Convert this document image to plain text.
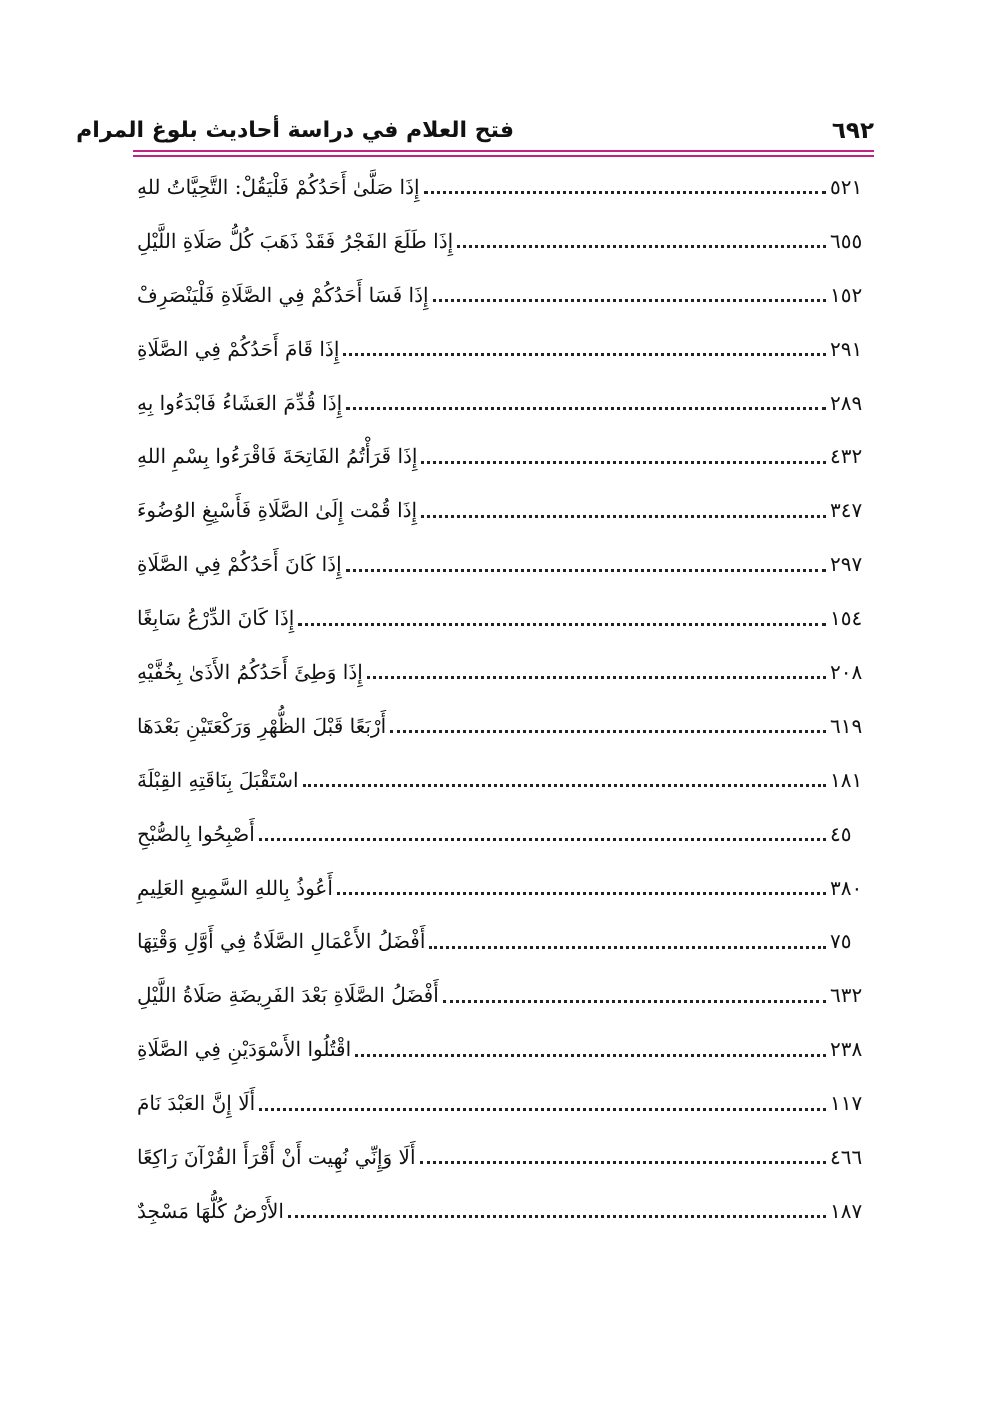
فتح العلام في دراسة أحاديث بلوغ المرام	٦٩٢
إِذَا صَلَّىٰ أَحَدُكُمْ فَلْيَقُلْ: التَّحِيَّاتُ للهِ	٥٢١
إِذَا طَلَعَ الفَجْرُ فَقَدْ ذَهَبَ كُلُّ صَلَاةِ اللَّيْلِ	٦٥٥
إِذَا فَسَا أَحَدُكُمْ فِي الصَّلَاةِ فَلْيَنْصَرِفْ	١٥٢
إِذَا قَامَ أَحَدُكُمْ فِي الصَّلَاةِ	٢٩١
إِذَا قُدِّمَ العَشَاءُ فَابْدَءُوا بِهِ	٢٨٩
إِذَا قَرَأْتُمُ الفَاتِحَةَ فَاقْرَءُوا بِسْمِ اللهِ	٤٣٢
إِذَا قُمْت إِلَىٰ الصَّلَاةِ فَأَسْبِغِ الوُضُوءَ	٣٤٧
إِذَا كَانَ أَحَدُكُمْ فِي الصَّلَاةِ	٢٩٧
إِذَا كَانَ الدِّرْعُ سَابِغًا	١٥٤
إِذَا وَطِئَ أَحَدُكُمُ الأَذَىٰ بِخُفَّيْهِ	٢٠٨
أَرْبَعًا قَبْلَ الظُّهْرِ وَرَكْعَتَيْنِ بَعْدَهَا	٦١٩
اسْتَقْبَلَ بِنَاقَتِهِ القِبْلَةَ	١٨١
أَصْبِحُوا بِالصُّبْحِ	٤٥
أَعُوذُ بِاللهِ السَّمِيعِ العَلِيمِ	٣٨٠
أَفْضَلُ الأَعْمَالِ الصَّلَاةُ فِي أَوَّلِ وَقْتِهَا	٧٥
أَفْضَلُ الصَّلَاةِ بَعْدَ الفَرِيضَةِ صَلَاةُ اللَّيْلِ	٦٣٢
اقْتُلُوا الأَسْوَدَيْنِ فِي الصَّلَاةِ	٢٣٨
أَلَا إِنَّ العَبْدَ نَامَ	١١٧
أَلَا وَإِنِّي نُهِيت أَنْ أَقْرَأَ القُرْآنَ رَاكِعًا	٤٦٦
الأَرْضُ كُلُّهَا مَسْجِدٌ	١٨٧
